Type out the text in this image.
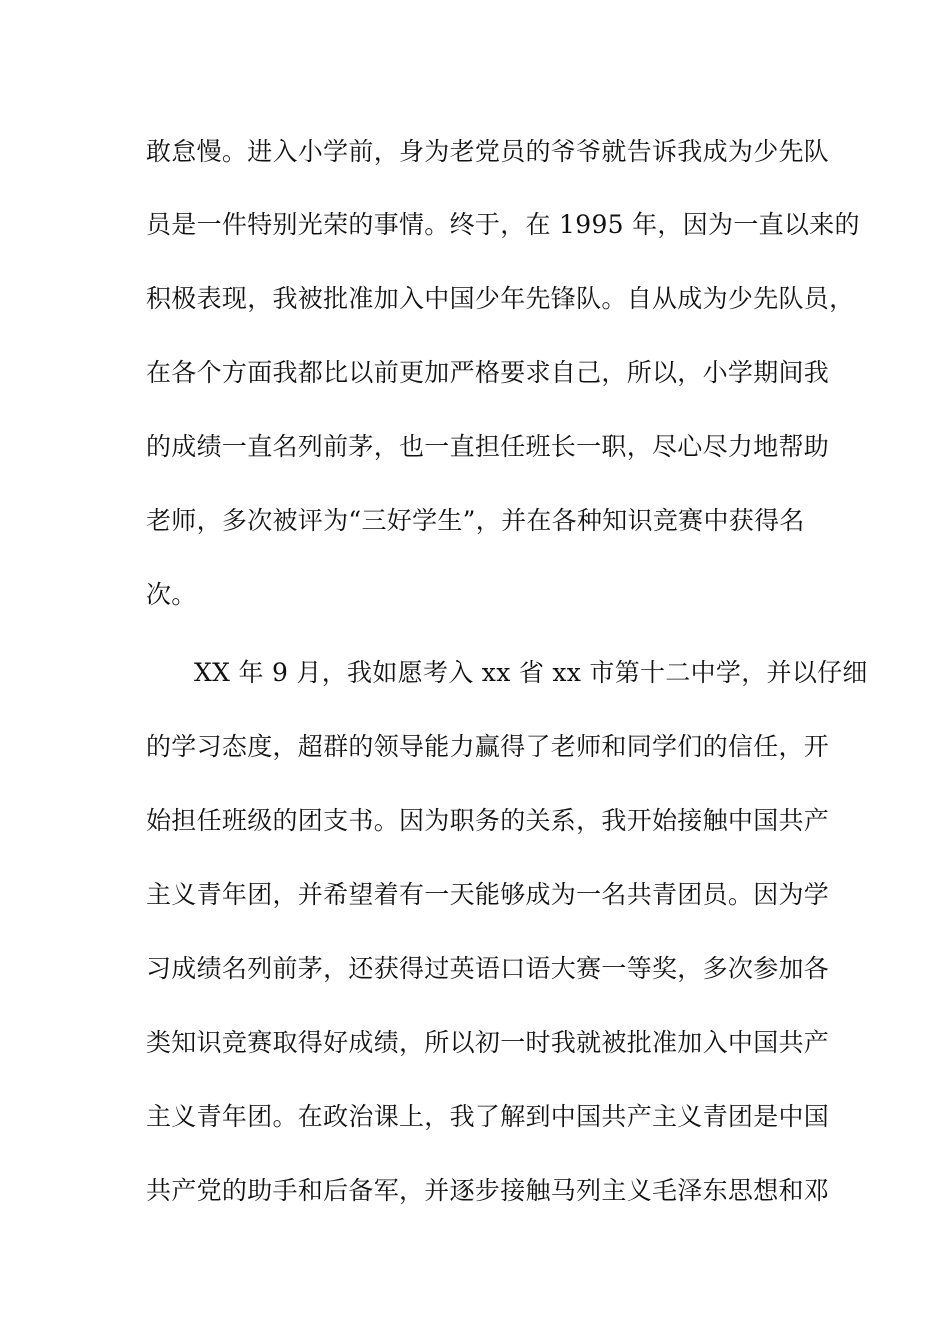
敢怠慢。进入小学前，身为老党员的爷爷就告诉我成为少先队
员是一件特别光荣的事情。终于，在 1995 年，因为一直以来的
积极表现，我被批准加入中国少年先锋队。自从成为少先队员，
在各个方面我都比以前更加严格要求自己，所以，小学期间我
的成绩一直名列前茅，也一直担任班长一职，尽心尽力地帮助
老师，多次被评为“三好学生”，并在各种知识竞赛中获得名
次。
XX 年 9 月，我如愿考入 xx 省 xx 市第十二中学，并以仔细
的学习态度，超群的领导能力赢得了老师和同学们的信任，开
始担任班级的团支书。因为职务的关系，我开始接触中国共产
主义青年团，并希望着有一天能够成为一名共青团员。因为学
习成绩名列前茅，还获得过英语口语大赛一等奖，多次参加各
类知识竞赛取得好成绩，所以初一时我就被批准加入中国共产
主义青年团。在政治课上，我了解到中国共产主义青团是中国
共产党的助手和后备军，并逐步接触马列主义毛泽东思想和邓
